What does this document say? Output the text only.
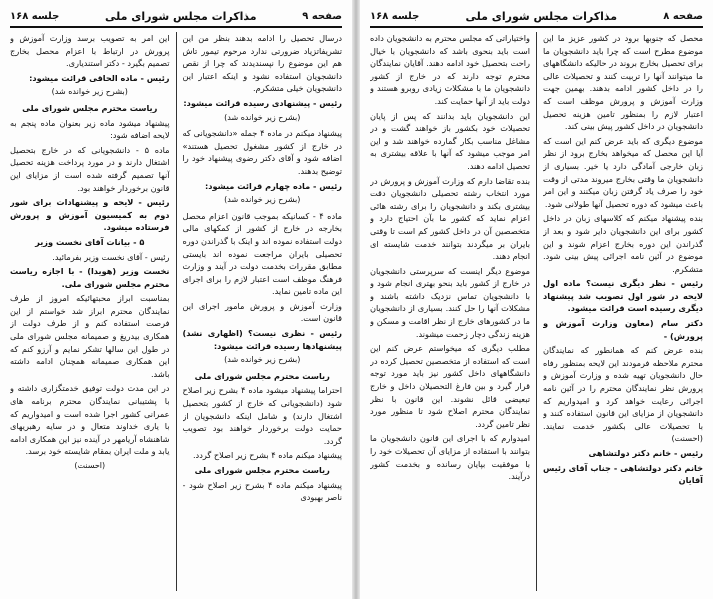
صفحه ۹
مذاکرات مجلس شورای ملی
جلسه ۱۶۸

درسال تحصیل را ادامه بدهند بنظر من این تشریفاتزیاد ضرورتی ندارد مرحوم تیمور تاش هم این موضوع را نپسندیدند که چرا از نقص دانشجویان استفاده نشود و اینکه اعتبار این دانشجویان خیلی متشکرم.

رئیس - پیشنهادی رسیده قرائت میشود:

(بشرح زیر خوانده شد)

پیشنهاد میکنم در ماده ۴ جمله «دانشجویانی که در خارج از کشور مشغول تحصیل هستند» اضافه شود و آقای دکتر رضوی پیشنهاد خود را توضیح بدهند.

رئیس - ماده چهارم قرائت میشود:

(بشرح زیر خوانده شد)

ماده ۴ - کسانیکه بموجب قانون اعزام محصل بخارجه در خارج از کشور از کمکهای مالی دولت استفاده نموده اند و اینک با گذراندن دوره تحصیلی بایران مراجعت نموده اند بایستی مطابق مقررات بخدمت دولت در آیند و وزارت فرهنگ موظف است اعتبار لازم را برای اجرای این ماده تامین نماید.

وزارت آموزش و پرورش مامور اجرای این قانون است.

رئیس - نظری نیست؟ (اظهاری نشد) پیشنهادها رسیده قرائت میشود:

(بشرح زیر خوانده شد)

ریاست محترم مجلس شورای ملی

احتراما پیشنهاد میشود ماده ۴ بشرح زیر اصلاح شود (دانشجویانی که خارج از کشور بتحصیل اشتغال دارند) و شامل اینکه دانشجویان از حمایت دولت برخوردار خواهند بود تصویب گردد.

پیشنهاد میکنم ماده ۴ بشرح زیر اصلاح گردد.

ریاست محترم مجلس شورای ملی

پیشنهاد میکنم ماده ۴ بشرح زیر اصلاح شود - ناصر بهبودی

این امر به تصویب برسد وزارت آموزش و پرورش در ارتباط با اعزام محصل بخارج تصمیم بگیرد - دکتر استندیاری.

رئیس - ماده الحاقی قرائت میشود:

(بشرح زیر خوانده شد)

ریاست محترم مجلس شورای ملی

پیشنهاد میشود ماده زیر بعنوان ماده پنجم به لایحه اضافه شود:

ماده ۵ - دانشجویانی که در خارج بتحصیل اشتغال دارند و در مورد پرداخت هزینه تحصیل آنها تصمیم گرفته شده است از مزایای این قانون برخوردار خواهند بود.

رئیس - لایحه و پیشنهادات برای شور دوم به کمیسیون آموزش و پرورش فرستاده میشود.

۵ - بیانات آقای نخست وزیر

رئیس - آقای نخست وزیر بفرمائید.

نخست وزیر (هویدا) - با اجازه ریاست محترم مجلس شورای ملی.

بمناسبت ابراز محبتهائیکه امروز از طرف نمایندگان محترم ابراز شد خواستم از این فرصت استفاده کنم و از طرف دولت از همکاری بیدریغ و صمیمانه مجلس شورای ملی در طول این سالها تشکر نمایم و آرزو کنم که این همکاری صمیمانه همچنان ادامه داشته باشد.

در این مدت دولت توفیق خدمتگزاری داشته و با پشتیبانی نمایندگان محترم برنامه های عمرانی کشور اجرا شده است و امیدواریم که با یاری خداوند متعال و در سایه رهبریهای شاهنشاه آریامهر در آینده نیز این همکاری ادامه یابد و ملت ایران بمقام شایسته خود برسد.

(احسنت)

صفحه ۸
مذاکرات مجلس شورای ملی
جلسه ۱۶۸

محصل که جنوبها برود در کشور عزیز ما این موضوع مطرح است که چرا باید دانشجویان ما برای تحصیل بخارج بروند در حالیکه دانشگاههای ما میتوانند آنها را تربیت کنند و تحصیلات عالی را در داخل کشور ادامه بدهند. بهمین جهت وزارت آموزش و پرورش موظف است که اعتبار لازم را بمنظور تامین هزینه تحصیل دانشجویان در داخل کشور پیش بینی کند.

موضوع دیگری که باید عرض کنم این است که آیا این محصل که میخواهد بخارج برود از نظر زبان خارجی آمادگی دارد یا خیر. بسیاری از دانشجویان ما وقتی بخارج میروند مدتی از وقت خود را صرف یاد گرفتن زبان میکنند و این امر باعث میشود که دوره تحصیل آنها طولانی شود.

بنده پیشنهاد میکنم که کلاسهای زبان در داخل کشور برای این دانشجویان دایر شود و بعد از گذراندن این دوره بخارج اعزام شوند و این موضوع در آئین نامه اجرائی پیش بینی شود. متشکرم.

رئیس - نظر دیگری نیست؟ ماده اول لایحه در شور اول تصویب شد پیشنهاد دیگری رسیده است قرائت میشود.

دکتر سام (معاون وزارت آموزش و پرورش) -

بنده عرض کنم که همانطور که نمایندگان محترم ملاحظه فرمودند این لایحه بمنظور رفاه حال دانشجویان تهیه شده و وزارت آموزش و پرورش نظر نمایندگان محترم را در آئین نامه اجرائی رعایت خواهد کرد و امیدواریم که دانشجویان از مزایای این قانون استفاده کنند و با تحصیلات عالی بکشور خدمت نمایند. (احسنت)

رئیس - خانم دکتر دولتشاهی

خانم دکتر دولتشاهی - جناب آقای رئیس آقایان

واختیاراتی که مجلس محترم به دانشجویان داده است باید بنحوی باشد که دانشجویان با خیال راحت بتحصیل خود ادامه دهند. آقایان نمایندگان محترم توجه دارند که در خارج از کشور دانشجویان ما با مشکلات زیادی روبرو هستند و دولت باید از آنها حمایت کند.

این دانشجویان باید بدانند که پس از پایان تحصیلات خود بکشور باز خواهند گشت و در مشاغل مناسب بکار گمارده خواهند شد و این امر موجب میشود که آنها با علاقه بیشتری به تحصیل ادامه دهند.

بنده تقاضا دارم که وزارت آموزش و پرورش در مورد انتخاب رشته تحصیلی دانشجویان دقت بیشتری بکند و دانشجویان را برای رشته هائی اعزام نماید که کشور ما بآن احتیاج دارد و متخصصین آن در داخل کشور کم است تا وقتی بایران بر میگردند بتوانند خدمت شایسته ای انجام دهند.

موضوع دیگر اینست که سرپرستی دانشجویان در خارج از کشور باید بنحو بهتری انجام شود و با دانشجویان تماس نزدیک داشته باشند و مشکلات آنها را حل کنند. بسیاری از دانشجویان ما در کشورهای خارج از نظر اقامت و مسکن و هزینه زندگی دچار زحمت میشوند.

مطلب دیگری که میخواستم عرض کنم این است که استفاده از متخصصین تحصیل کرده در دانشگاههای داخل کشور نیز باید مورد توجه قرار گیرد و بین فارغ التحصیلان داخل و خارج تبعیضی قائل نشوند. این قانون با نظر نمایندگان محترم اصلاح شود تا منظور مورد نظر تامین گردد.

امیدوارم که با اجرای این قانون دانشجویان ما بتوانند با استفاده از مزایای آن تحصیلات خود را با موفقیت بپایان رسانده و بخدمت کشور درآیند.
